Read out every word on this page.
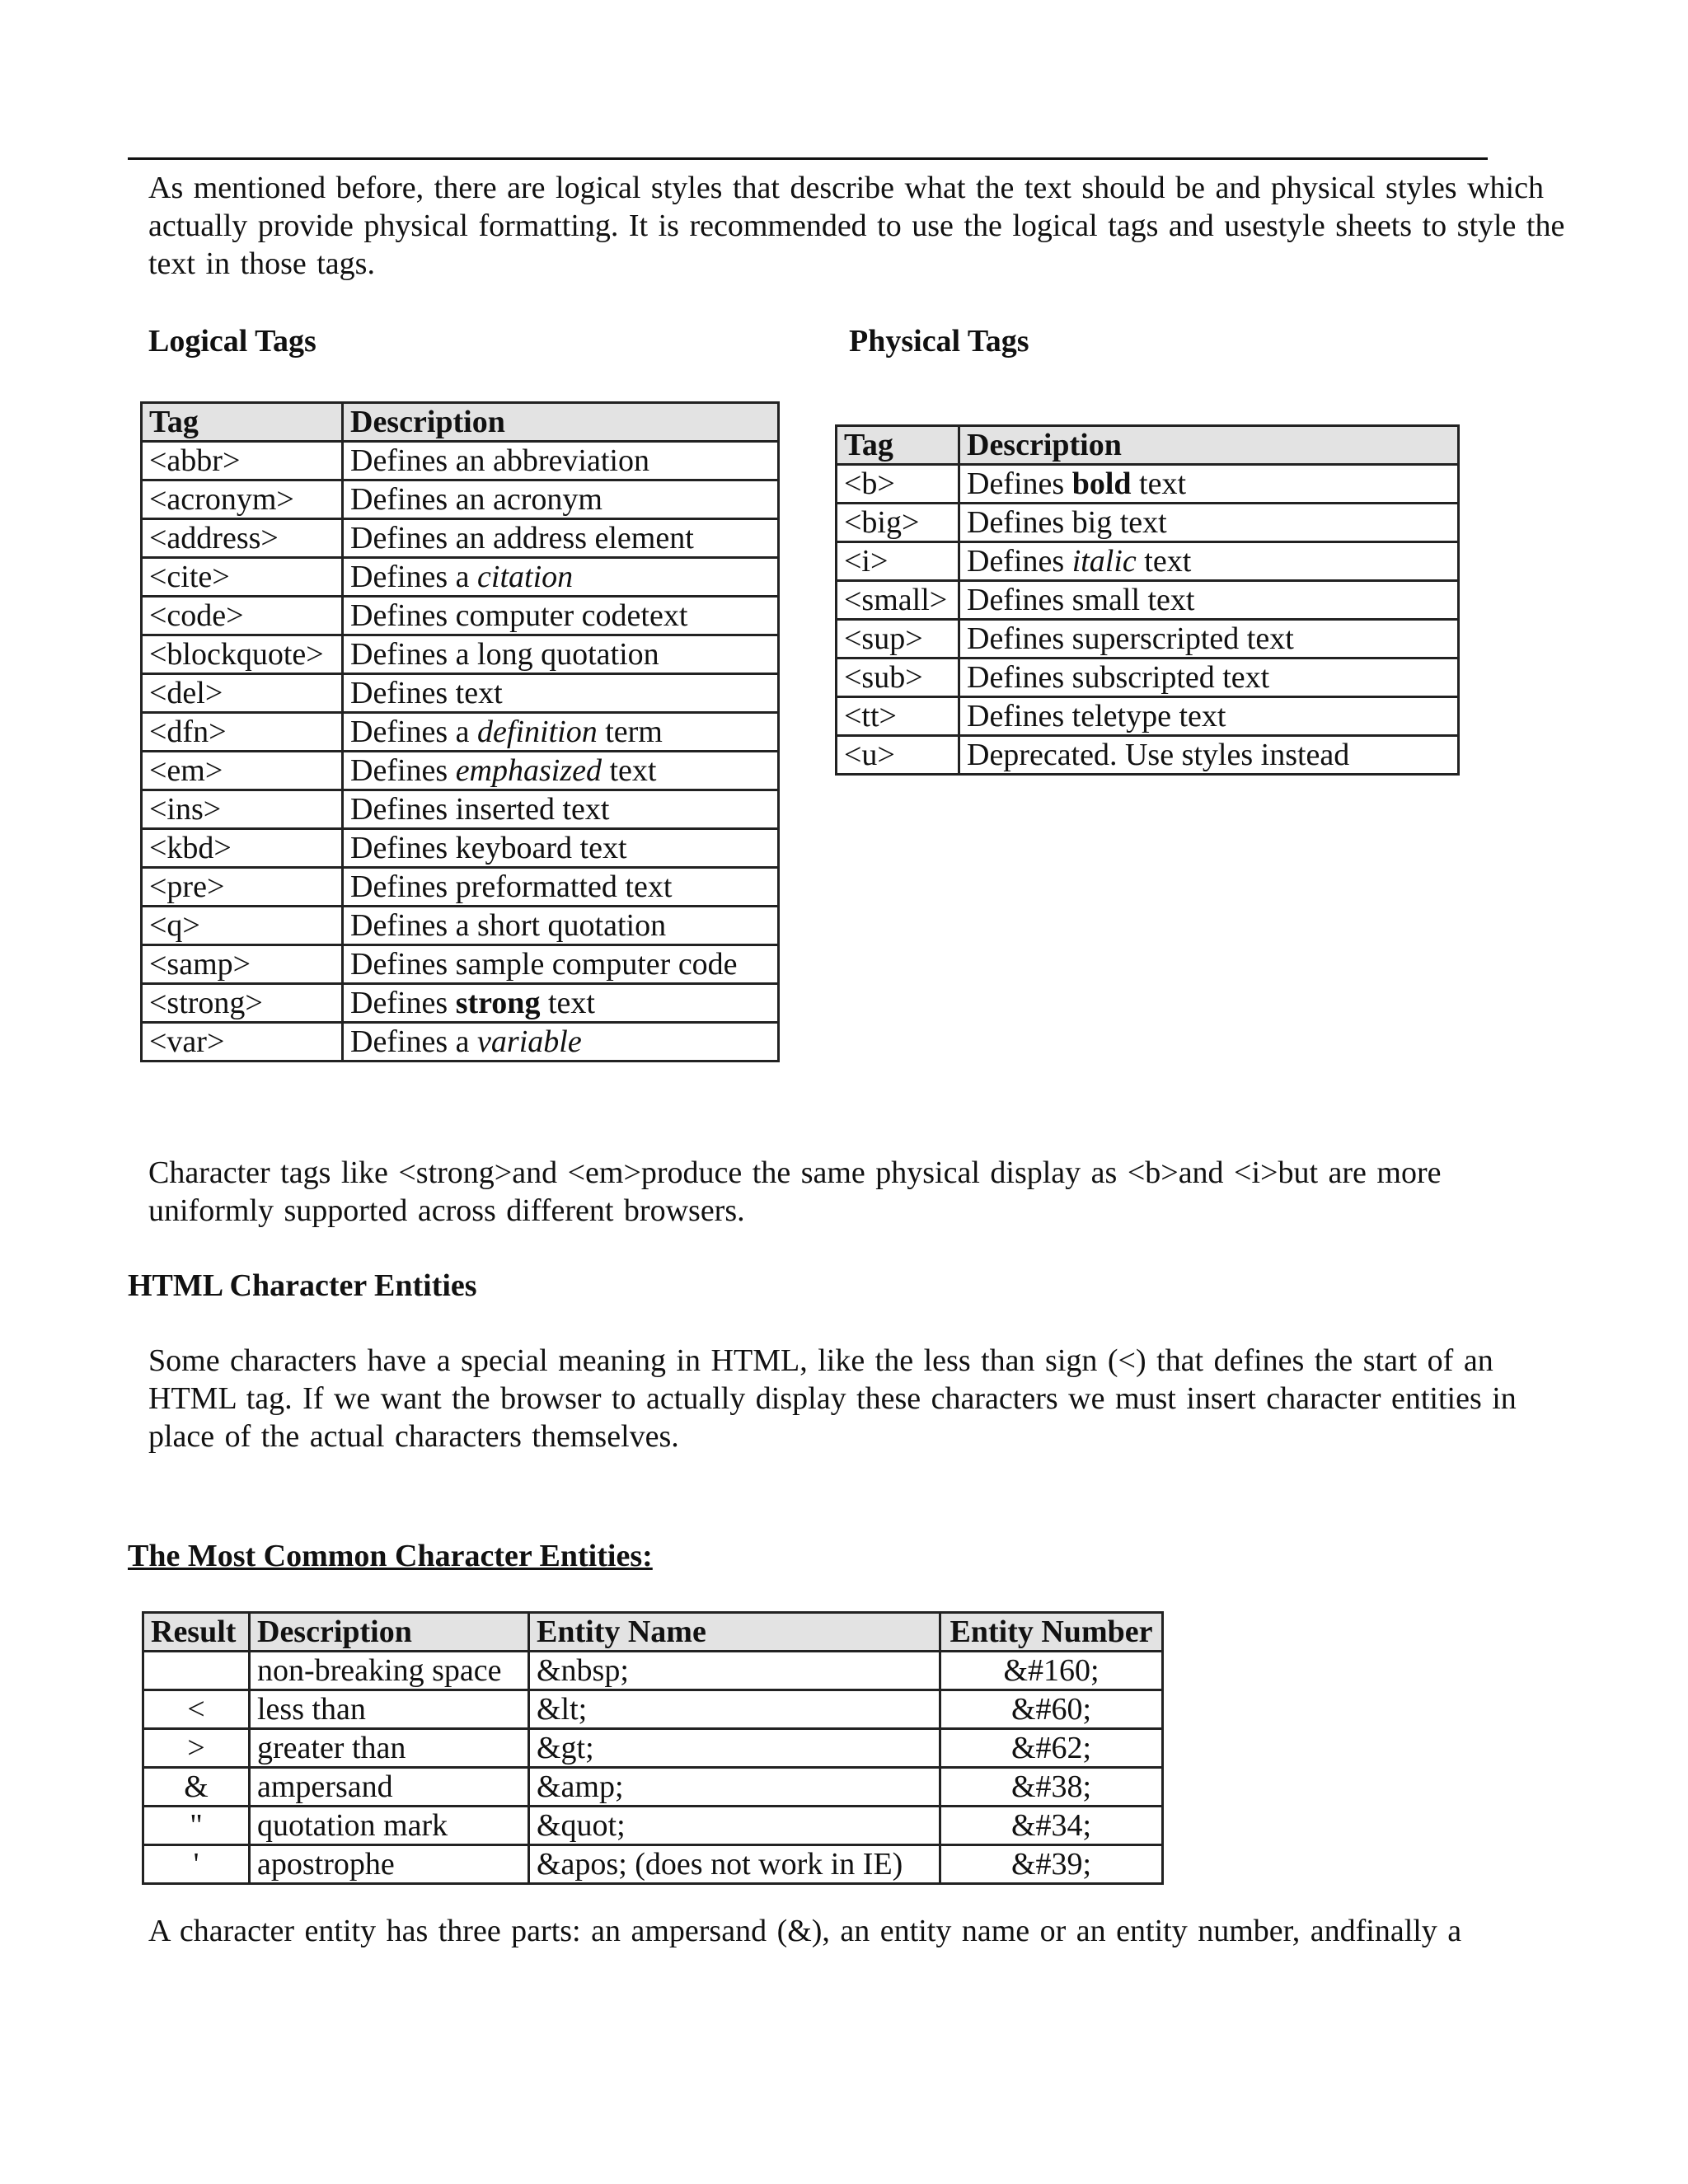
As mentioned before, there are logical styles that describe what the text should be and physical styles which actually provide physical formatting. It is recommended to use the logical tags and usestyle sheets to style the text in those tags.
Logical Tags	Physical Tags
Tag	Description
<abbr>	Defines an abbreviation
<acronym>	Defines an acronym
<address>	Defines an address element
<cite>	Defines a citation
<code>	Defines computer codetext
<blockquote>	Defines a long quotation
<del>	Defines text
<dfn>	Defines a definition term
<em>	Defines emphasized text
<ins>	Defines inserted text
<kbd>	Defines keyboard text
<pre>	Defines preformatted text
<q>	Defines a short quotation
<samp>	Defines sample computer code
<strong>	Defines strong text
<var>	Defines a variable
Tag	Description
<b>	Defines bold text
<big>	Defines big text
<i>	Defines italic text
<small>	Defines small text
<sup>	Defines superscripted text
<sub>	Defines subscripted text
<tt>	Defines teletype text
<u>	Deprecated. Use styles instead
Character tags like <strong>and <em>produce the same physical display as <b>and <i>but are more uniformly supported across different browsers.
HTML Character Entities
Some characters have a special meaning in HTML, like the less than sign (<) that defines the start of an HTML tag. If we want the browser to actually display these characters we must insert character entities in place of the actual characters themselves.
The Most Common Character Entities:
Result	Description	Entity Name	Entity Number
	non-breaking space	&nbsp;	&#160;
<	less than	&lt;	&#60;
>	greater than	&gt;	&#62;
&	ampersand	&amp;	&#38;
"	quotation mark	&quot;	&#34;
'	apostrophe	&apos; (does not work in IE)	&#39;
A character entity has three parts: an ampersand (&), an entity name or an entity number, andfinally a
